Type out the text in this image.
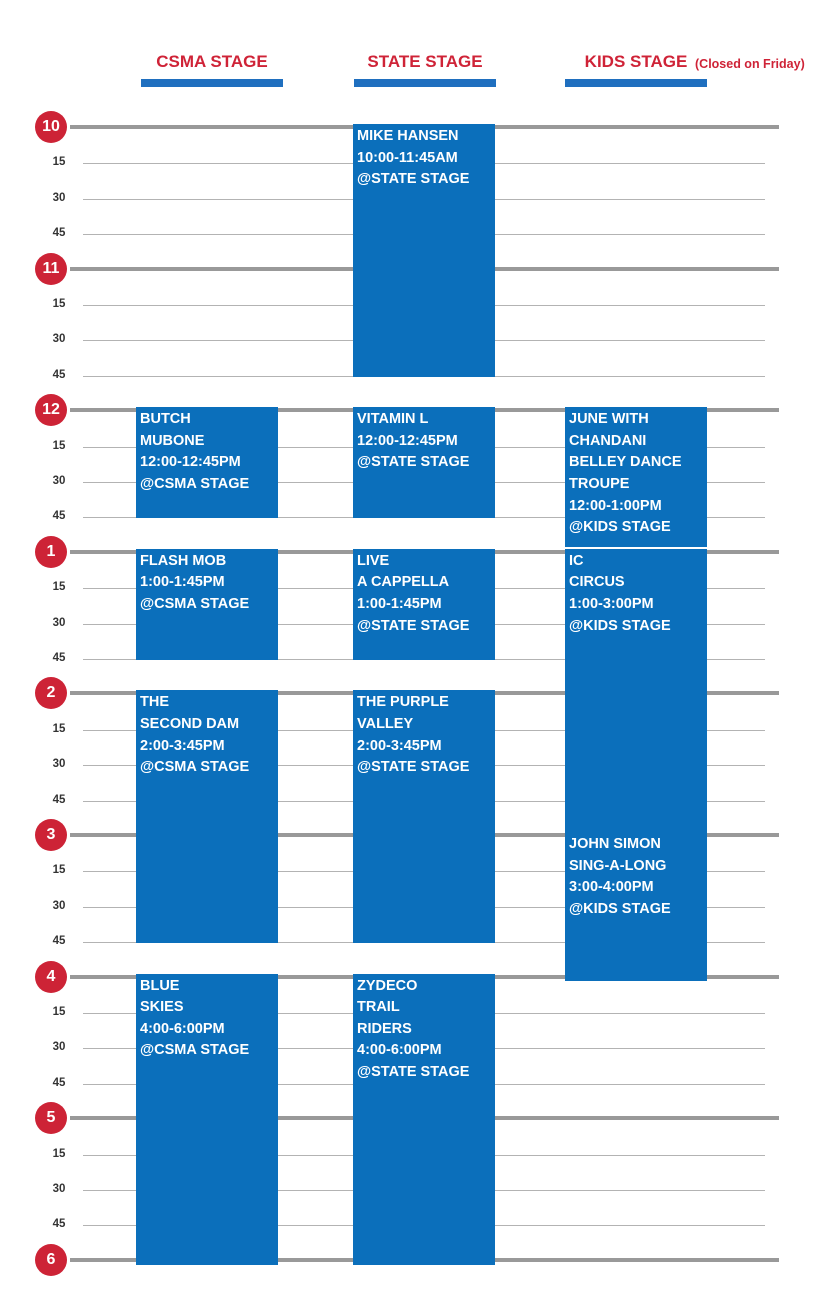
CSMA STAGE	STATE STAGE	KIDS STAGE (Closed on Friday)
10
15
30
45
11
15
30
45
12
15
30
45
1
15
30
45
2
15
30
45
3
15
30
45
4
15
30
45
5
15
30
45
6
MIKE HANSEN
10:00-11:45AM
@STATE STAGE
BUTCH
MUBONE
12:00-12:45PM
@CSMA STAGE
VITAMIN L
12:00-12:45PM
@STATE STAGE
JUNE WITH
CHANDANI
BELLEY DANCE
TROUPE
12:00-1:00PM
@KIDS STAGE
FLASH MOB
1:00-1:45PM
@CSMA STAGE
LIVE
A CAPPELLA
1:00-1:45PM
@STATE STAGE
IC
CIRCUS
1:00-3:00PM
@KIDS STAGE
THE
SECOND DAM
2:00-3:45PM
@CSMA STAGE
THE PURPLE
VALLEY
2:00-3:45PM
@STATE STAGE
JOHN SIMON
SING-A-LONG
3:00-4:00PM
@KIDS STAGE
BLUE
SKIES
4:00-6:00PM
@CSMA STAGE
ZYDECO
TRAIL
RIDERS
4:00-6:00PM
@STATE STAGE
